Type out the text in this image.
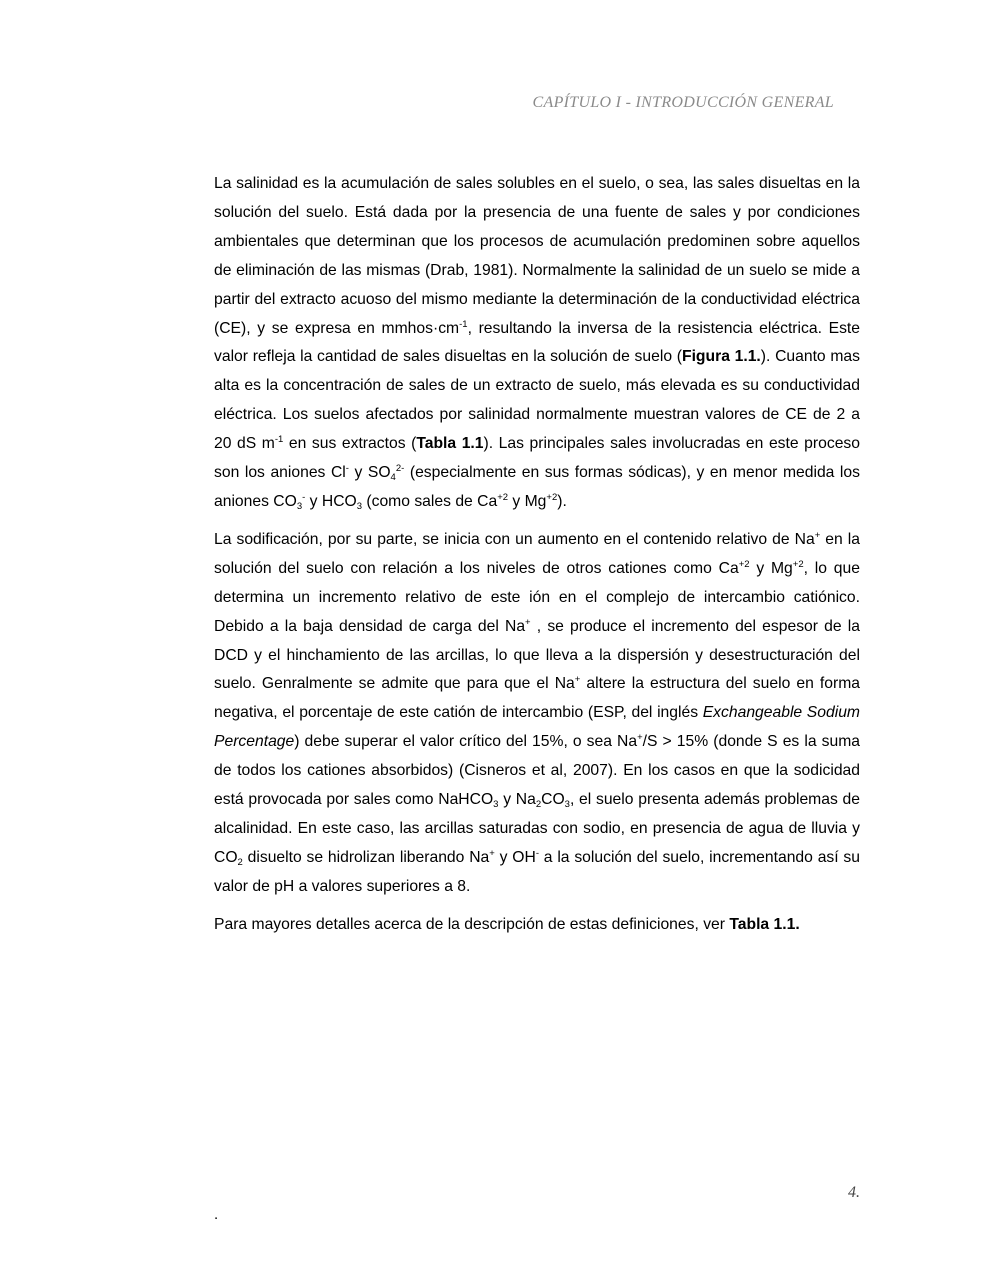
CAPÍTULO I - INTRODUCCIÓN GENERAL

La salinidad es la acumulación de sales solubles en el suelo, o sea, las sales disueltas en la solución del suelo. Está dada por la presencia de una fuente de sales y por condiciones ambientales que determinan que los procesos de acumulación predominen sobre aquellos de eliminación de las mismas (Drab, 1981). Normalmente la salinidad de un suelo se mide a partir del extracto acuoso del mismo mediante la determinación de la conductividad eléctrica (CE), y se expresa en $mmhos\cdot cm^{-1}$, resultando la inversa de la resistencia eléctrica. Este valor refleja la cantidad de sales disueltas en la solución de suelo (Figura 1.1.). Cuanto mas alta es la concentración de sales de un extracto de suelo, más elevada es su conductividad eléctrica. Los suelos afectados por salinidad normalmente muestran valores de CE de 2 a 20 dS $m^{-1}$ en sus extractos (Tabla 1.1). Las principales sales involucradas en este proceso son los aniones Cl- y $SO_4^{2-}$ (especialmente en sus formas sódicas), y en menor medida los aniones $CO_3^-$ y $HCO_3$ (como sales de $Ca^{+2}$ y $Mg^{+2}$).

La sodificación, por su parte, se inicia con un aumento en el contenido relativo de Na+ en la solución del suelo con relación a los niveles de otros cationes como $Ca^{+2}$ y $Mg^{+2}$, lo que determina un incremento relativo de este ión en el complejo de intercambio catiónico. Debido a la baja densidad de carga del Na+ , se produce el incremento del espesor de la DCD y el hinchamiento de las arcillas, lo que lleva a la dispersión y desestructuración del suelo. Genralmente se admite que para que el Na+ altere la estructura del suelo en forma negativa, el porcentaje de este catión de intercambio (ESP, del inglés Exchangeable Sodium Percentage) debe superar el valor crítico del 15%, o sea Na+/S > 15% (donde S es la suma de todos los cationes absorbidos) (Cisneros et al, 2007). En los casos en que la sodicidad está provocada por sales como NaHCO$_3$ y $Na_2CO_3$, el suelo presenta además problemas de alcalinidad. En este caso, las arcillas saturadas con sodio, en presencia de agua de lluvia y $CO_2$ disuelto se hidrolizan liberando Na+ y OH- a la solución del suelo, incrementando así su valor de pH a valores superiores a 8.

Para mayores detalles acerca de la descripción de estas definiciones, ver Tabla 1.1.

4.
.
